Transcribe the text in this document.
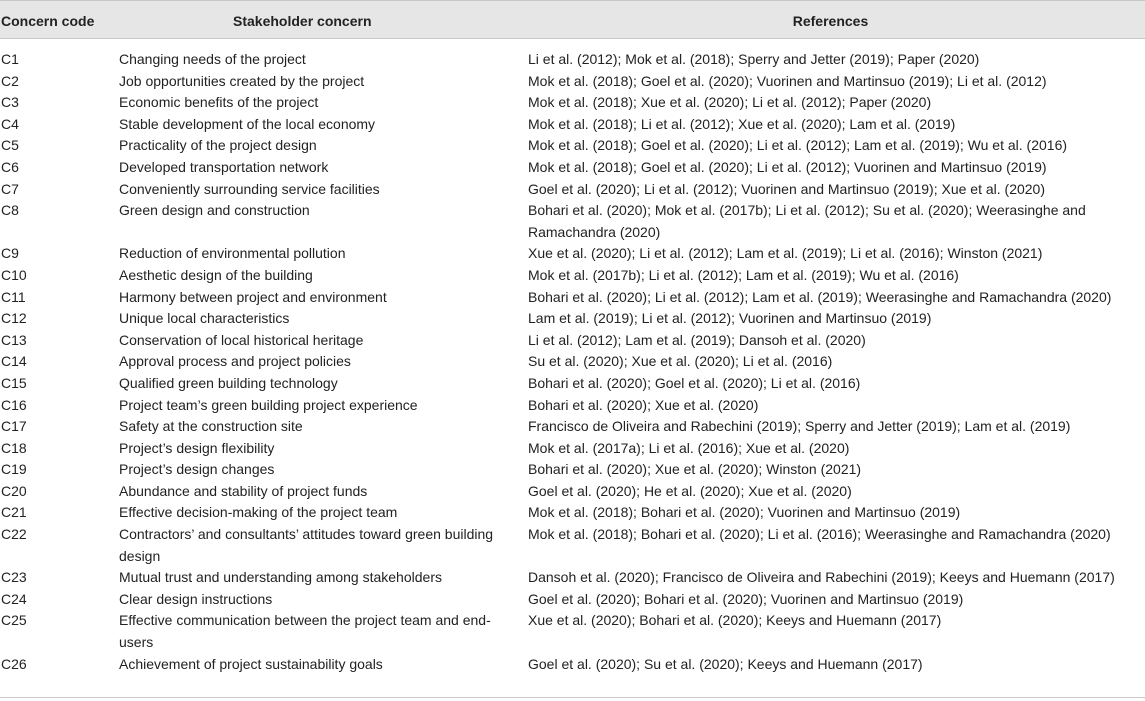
Concern code	Stakeholder concern	References
C1	Changing needs of the project	Li et al. (2012); Mok et al. (2018); Sperry and Jetter (2019); Paper (2020)
C2	Job opportunities created by the project	Mok et al. (2018); Goel et al. (2020); Vuorinen and Martinsuo (2019); Li et al. (2012)
C3	Economic benefits of the project	Mok et al. (2018); Xue et al. (2020); Li et al. (2012); Paper (2020)
C4	Stable development of the local economy	Mok et al. (2018); Li et al. (2012); Xue et al. (2020); Lam et al. (2019)
C5	Practicality of the project design	Mok et al. (2018); Goel et al. (2020); Li et al. (2012); Lam et al. (2019); Wu et al. (2016)
C6	Developed transportation network	Mok et al. (2018); Goel et al. (2020); Li et al. (2012); Vuorinen and Martinsuo (2019)
C7	Conveniently surrounding service facilities	Goel et al. (2020); Li et al. (2012); Vuorinen and Martinsuo (2019); Xue et al. (2020)
C8	Green design and construction	Bohari et al. (2020); Mok et al. (2017b); Li et al. (2012); Su et al. (2020); Weerasinghe and Ramachandra (2020)
C9	Reduction of environmental pollution	Xue et al. (2020); Li et al. (2012); Lam et al. (2019); Li et al. (2016); Winston (2021)
C10	Aesthetic design of the building	Mok et al. (2017b); Li et al. (2012); Lam et al. (2019); Wu et al. (2016)
C11	Harmony between project and environment	Bohari et al. (2020); Li et al. (2012); Lam et al. (2019); Weerasinghe and Ramachandra (2020)
C12	Unique local characteristics	Lam et al. (2019); Li et al. (2012); Vuorinen and Martinsuo (2019)
C13	Conservation of local historical heritage	Li et al. (2012); Lam et al. (2019); Dansoh et al. (2020)
C14	Approval process and project policies	Su et al. (2020); Xue et al. (2020); Li et al. (2016)
C15	Qualified green building technology	Bohari et al. (2020); Goel et al. (2020); Li et al. (2016)
C16	Project team’s green building project experience	Bohari et al. (2020); Xue et al. (2020)
C17	Safety at the construction site	Francisco de Oliveira and Rabechini (2019); Sperry and Jetter (2019); Lam et al. (2019)
C18	Project’s design flexibility	Mok et al. (2017a); Li et al. (2016); Xue et al. (2020)
C19	Project’s design changes	Bohari et al. (2020); Xue et al. (2020); Winston (2021)
C20	Abundance and stability of project funds	Goel et al. (2020); He et al. (2020); Xue et al. (2020)
C21	Effective decision-making of the project team	Mok et al. (2018); Bohari et al. (2020); Vuorinen and Martinsuo (2019)
C22	Contractors’ and consultants’ attitudes toward green building design	Mok et al. (2018); Bohari et al. (2020); Li et al. (2016); Weerasinghe and Ramachandra (2020)
C23	Mutual trust and understanding among stakeholders	Dansoh et al. (2020); Francisco de Oliveira and Rabechini (2019); Keeys and Huemann (2017)
C24	Clear design instructions	Goel et al. (2020); Bohari et al. (2020); Vuorinen and Martinsuo (2019)
C25	Effective communication between the project team and end-users	Xue et al. (2020); Bohari et al. (2020); Keeys and Huemann (2017)
C26	Achievement of project sustainability goals	Goel et al. (2020); Su et al. (2020); Keeys and Huemann (2017)
